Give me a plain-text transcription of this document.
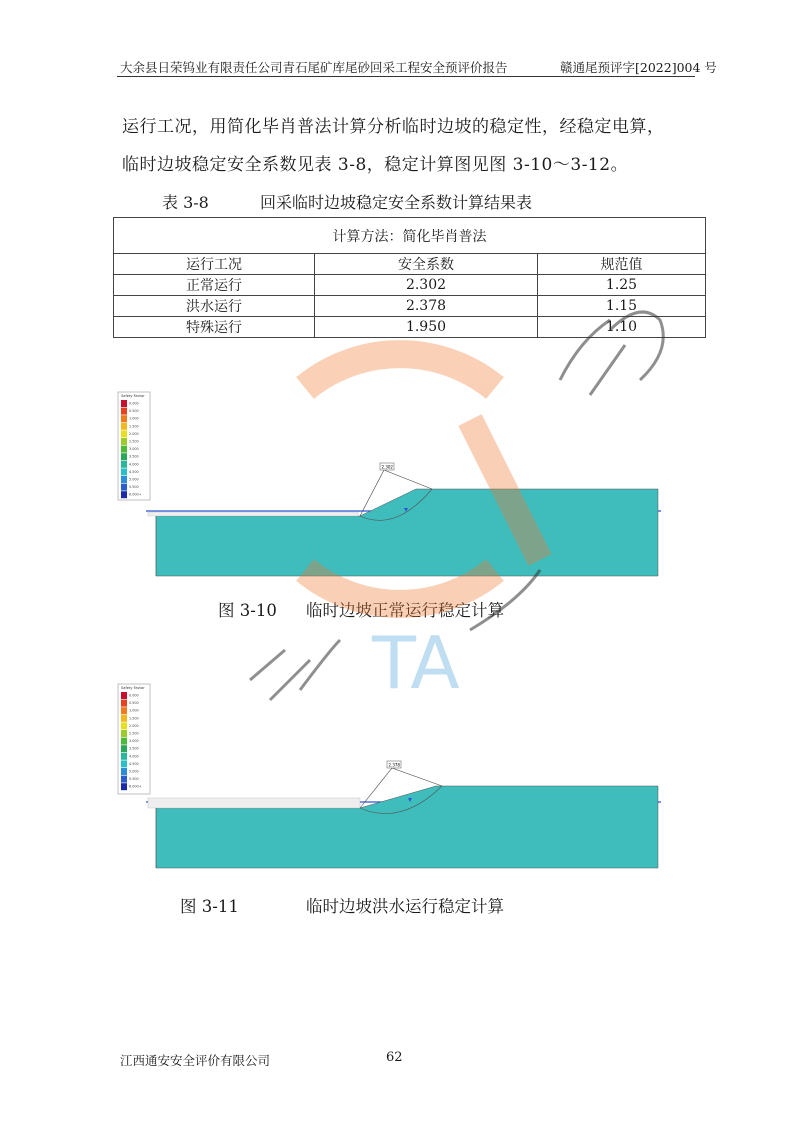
大余县日荣钨业有限责任公司青石尾矿库尾砂回采工程安全预评价报告	赣通尾预评字[2022]004 号
运行工况，用简化毕肖普法计算分析临时边坡的稳定性，经稳定电算，
临时边坡稳定安全系数见表 3-8，稳定计算图见图 3-10～3-12。
表 3-8	回采临时边坡稳定安全系数计算结果表
计算方法：简化毕肖普法		
运行工况	安全系数	规范值
正常运行	2.302	1.25
洪水运行	2.378	1.15
特殊运行	1.950	1.10
Safety Factor
0.000
0.500
1.000
1.500
2.000
2.500
3.000
3.500
4.000
4.500
5.000
5.500
6.000+
2.302
图 3-10 临时边坡正常运行稳定计算
Safety Factor
0.000
0.500
1.000
1.500
2.000
2.500
3.000
3.500
4.000
4.500
5.000
5.500
6.000+
2.378
图 3-11	临时边坡洪水运行稳定计算
TA
江西通安安全评价有限公司	62
